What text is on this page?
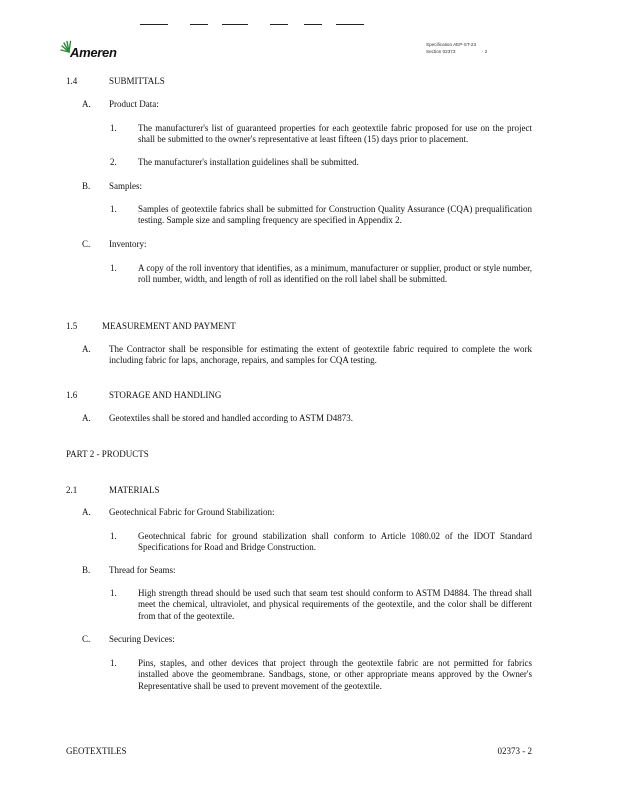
Ameren
Specification AEP-ST-23
Section 02373	- 2
1.4	SUBMITTALS
A. Product Data:
1. The manufacturer's list of guaranteed properties for each geotextile fabric proposed for use on the project shall be submitted to the owner's representative at least fifteen (15) days prior to placement.
2. The manufacturer's installation guidelines shall be submitted.
B. Samples:
1. Samples of geotextile fabrics shall be submitted for Construction Quality Assurance (CQA) prequalification testing. Sample size and sampling frequency are specified in Appendix 2.
C. Inventory:
1. A copy of the roll inventory that identifies, as a minimum, manufacturer or supplier, product or style number, roll number, width, and length of roll as identified on the roll label shall be submitted.
1.5	MEASUREMENT AND PAYMENT
A. The Contractor shall be responsible for estimating the extent of geotextile fabric required to complete the work including fabric for laps, anchorage, repairs, and samples for CQA testing.
1.6	STORAGE AND HANDLING
A. Geotextiles shall be stored and handled according to ASTM D4873.
PART 2 - PRODUCTS
2.1	MATERIALS
A. Geotechnical Fabric for Ground Stabilization:
1. Geotechnical fabric for ground stabilization shall conform to Article 1080.02 of the IDOT Standard Specifications for Road and Bridge Construction.
B. Thread for Seams:
1. High strength thread should be used such that seam test should conform to ASTM D4884. The thread shall meet the chemical, ultraviolet, and physical requirements of the geotextile, and the color shall be different from that of the geotextile.
C. Securing Devices:
1. Pins, staples, and other devices that project through the geotextile fabric are not permitted for fabrics installed above the geomembrane. Sandbags, stone, or other appropriate means approved by the Owner's Representative shall be used to prevent movement of the geotextile.
GEOTEXTILES	02373 - 2
